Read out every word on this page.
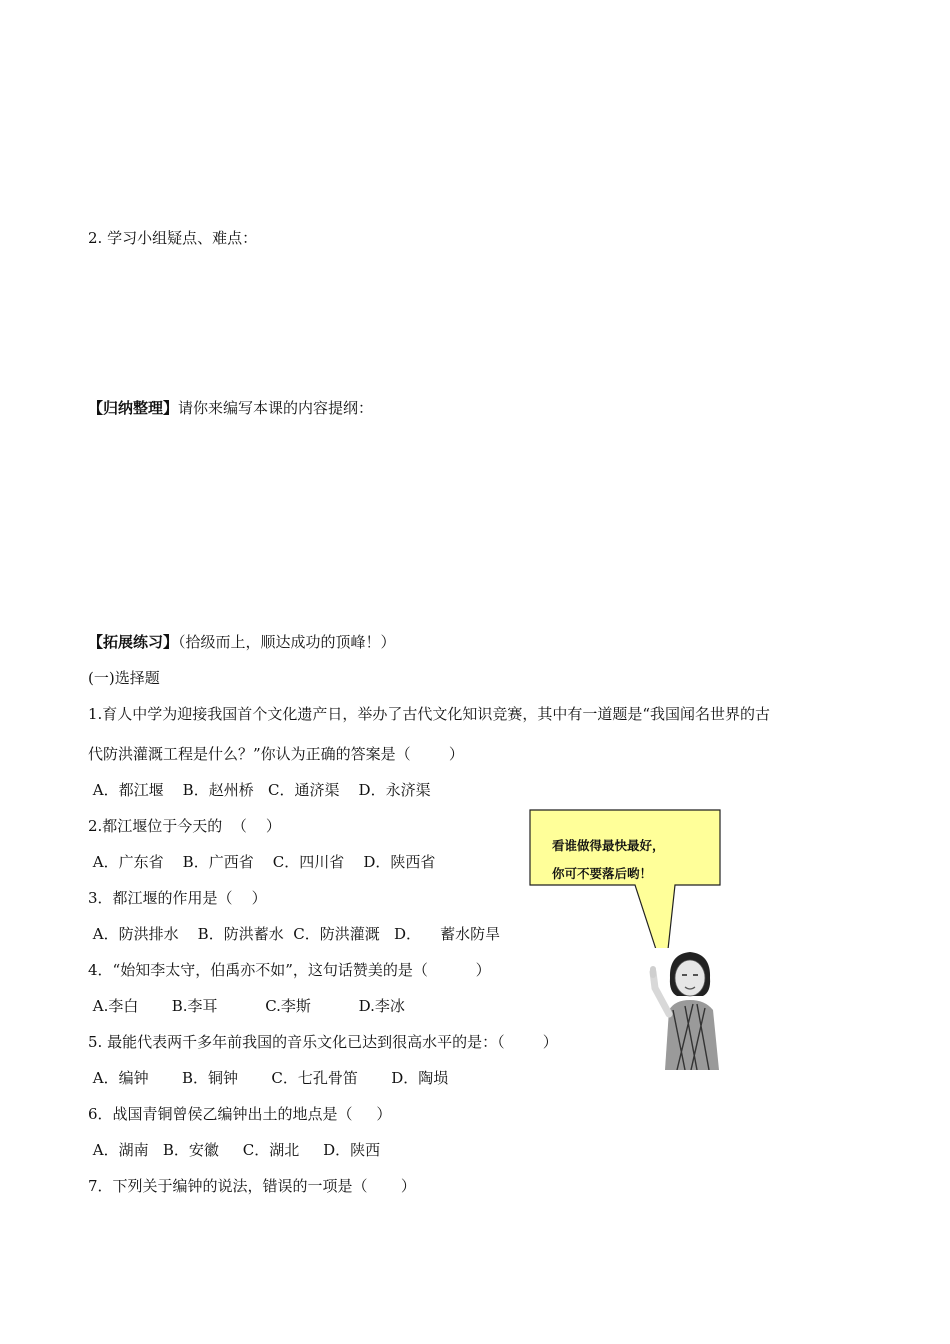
2. 学习小组疑点、难点：
【归纳整理】请你来编写本课的内容提纲：
【拓展练习】（拾级而上，顺达成功的顶峰！）
(一)选择题
1.育人中学为迎接我国首个文化遗产日，举办了古代文化知识竞赛，其中有一道题是“我国闻名世界的古
代防洪灌溉工程是什么？”你认为正确的答案是（        ）
A．都江堰    B．赵州桥   C．通济渠    D．永济渠
2.都江堰位于今天的  （    ）
A．广东省    B．广西省    C．四川省    D．陕西省
3．都江堰的作用是（    ）
A．防洪排水    B．防洪蓄水  C．防洪灌溉   D．    蓄水防旱
4．“始知李太守，伯禹亦不如”，这句话赞美的是（          ）
A.李白       B.李耳          C.李斯          D.李冰
5. 最能代表两千多年前我国的音乐文化已达到很高水平的是：（        ）
A．编钟       B．铜钟       C．七孔骨笛       D．陶埙
6．战国青铜曾侯乙编钟出土的地点是（     ）
A．湖南   B．安徽     C．湖北     D．陕西
7．下列关于编钟的说法，错误的一项是（       ）
看谁做得最快最好，
你可不要落后哟！
